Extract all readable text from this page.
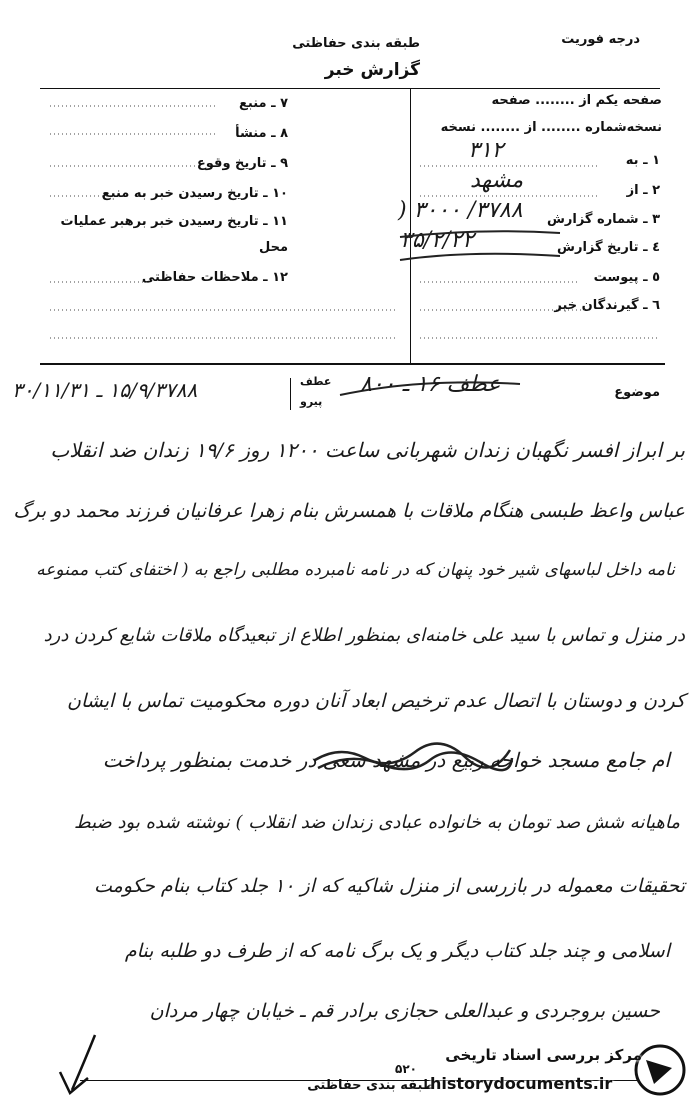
طبقه بندی حفاظتی	درجه فوریت
گزارش خبر
صفحه یکم از ........ صفحه
نسخه‌شماره ........ از ........ نسخه
۱ ـ به
۳۱۲
۲ ـ از
مشهد
۳ ـ شماره گزارش
۳۷۸۸/ ۳۰۰۰ (
٤ ـ تاریخ گزارش
۳۵/۲/۲۲
٥ ـ پیوست
٦ ـ گیرندگان خبر
۷ ـ منبع
۸ ـ منشأ
۹ ـ تاریخ وقوع
۱۰ ـ تاریخ رسیدن خبر به منبع
۱۱ ـ تاریخ رسیدن خبر برهبر عملیات
محل
۱۲ ـ ملاحظات حفاظتی
موضوع
عطف ۱۶ ـ ۸۰۰
عطف
پیرو
۱۵/۹/۳۷۸۸ ـ ۳۰/۱۱/۳۱
بر ابراز افسر نگهبان زندان شهربانی ساعت ۱۲۰۰ روز ۱۹/۶ زندان ضد انقلاب
عباس واعظ طبسی هنگام ملاقات با همسرش بنام زهرا عرفانیان فرزند محمد دو برگ
نامه داخل لباسهای شیر خود پنهان که در نامه نامبرده مطلبی راجع به ( اختفای کتب ممنوعه
در منزل و تماس با سید علی خامنه‌ای بمنظور اطلاع از تبعیدگاه ملاقات شایع کردن درد
کردن و دوستان با اتصال عدم ترخیص ابعاد آنان دوره محکومیت تماس با ایشان
ام جامع مسجد خواجه ربیع در مشهد سعی در خدمت بمنظور پرداخت
ماهیانه شش صد تومان به خانواده عبادی زندان ضد انقلاب ) نوشته شده بود ضبط
تحقیقات معموله در بازرسی از منزل شاکیه که از ۱۰ جلد کتاب بنام حکومت
اسلامی و چند جلد کتاب دیگر و یک برگ نامه که از طرف دو طلبه بنام
حسین بروجردی و عبدالعلی حجازی برادر قم ـ خیابان چهار مردان
طبقه بندی حفاظتی
۵۲۰
مرکز بررسی اسناد تاریخی
historydocuments.ir
